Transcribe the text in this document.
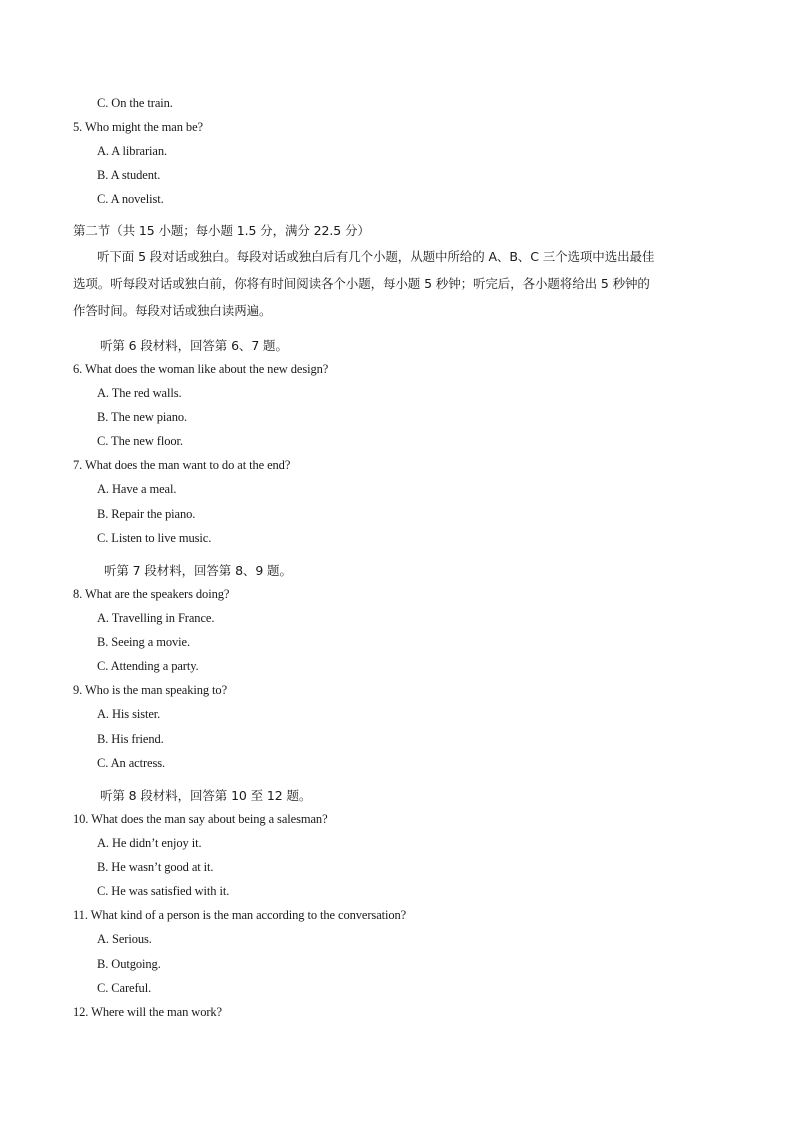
C. On the train.
5. Who might the man be?
A. A librarian.
B. A student.
C. A novelist.
第二节（共 15 小题；每小题 1.5 分，满分 22.5 分）
听下面 5 段对话或独白。每段对话或独白后有几个小题，从题中所给的 A、B、C 三个选项中选出最佳
选项。听每段对话或独白前，你将有时间阅读各个小题，每小题 5 秒钟；听完后，各小题将给出 5 秒钟的
作答时间。每段对话或独白读两遍。
听第 6 段材料，回答第 6、7 题。
6. What does the woman like about the new design?
A. The red walls.
B. The new piano.
C. The new floor.
7. What does the man want to do at the end?
A. Have a meal.
B. Repair the piano.
C. Listen to live music.
听第 7 段材料，回答第 8、9 题。
8. What are the speakers doing?
A. Travelling in France.
B. Seeing a movie.
C. Attending a party.
9. Who is the man speaking to?
A. His sister.
B. His friend.
C. An actress.
听第 8 段材料，回答第 10 至 12 题。
10. What does the man say about being a salesman?
A. He didn’t enjoy it.
B. He wasn’t good at it.
C. He was satisfied with it.
11. What kind of a person is the man according to the conversation?
A. Serious.
B. Outgoing.
C. Careful.
12. Where will the man work?
